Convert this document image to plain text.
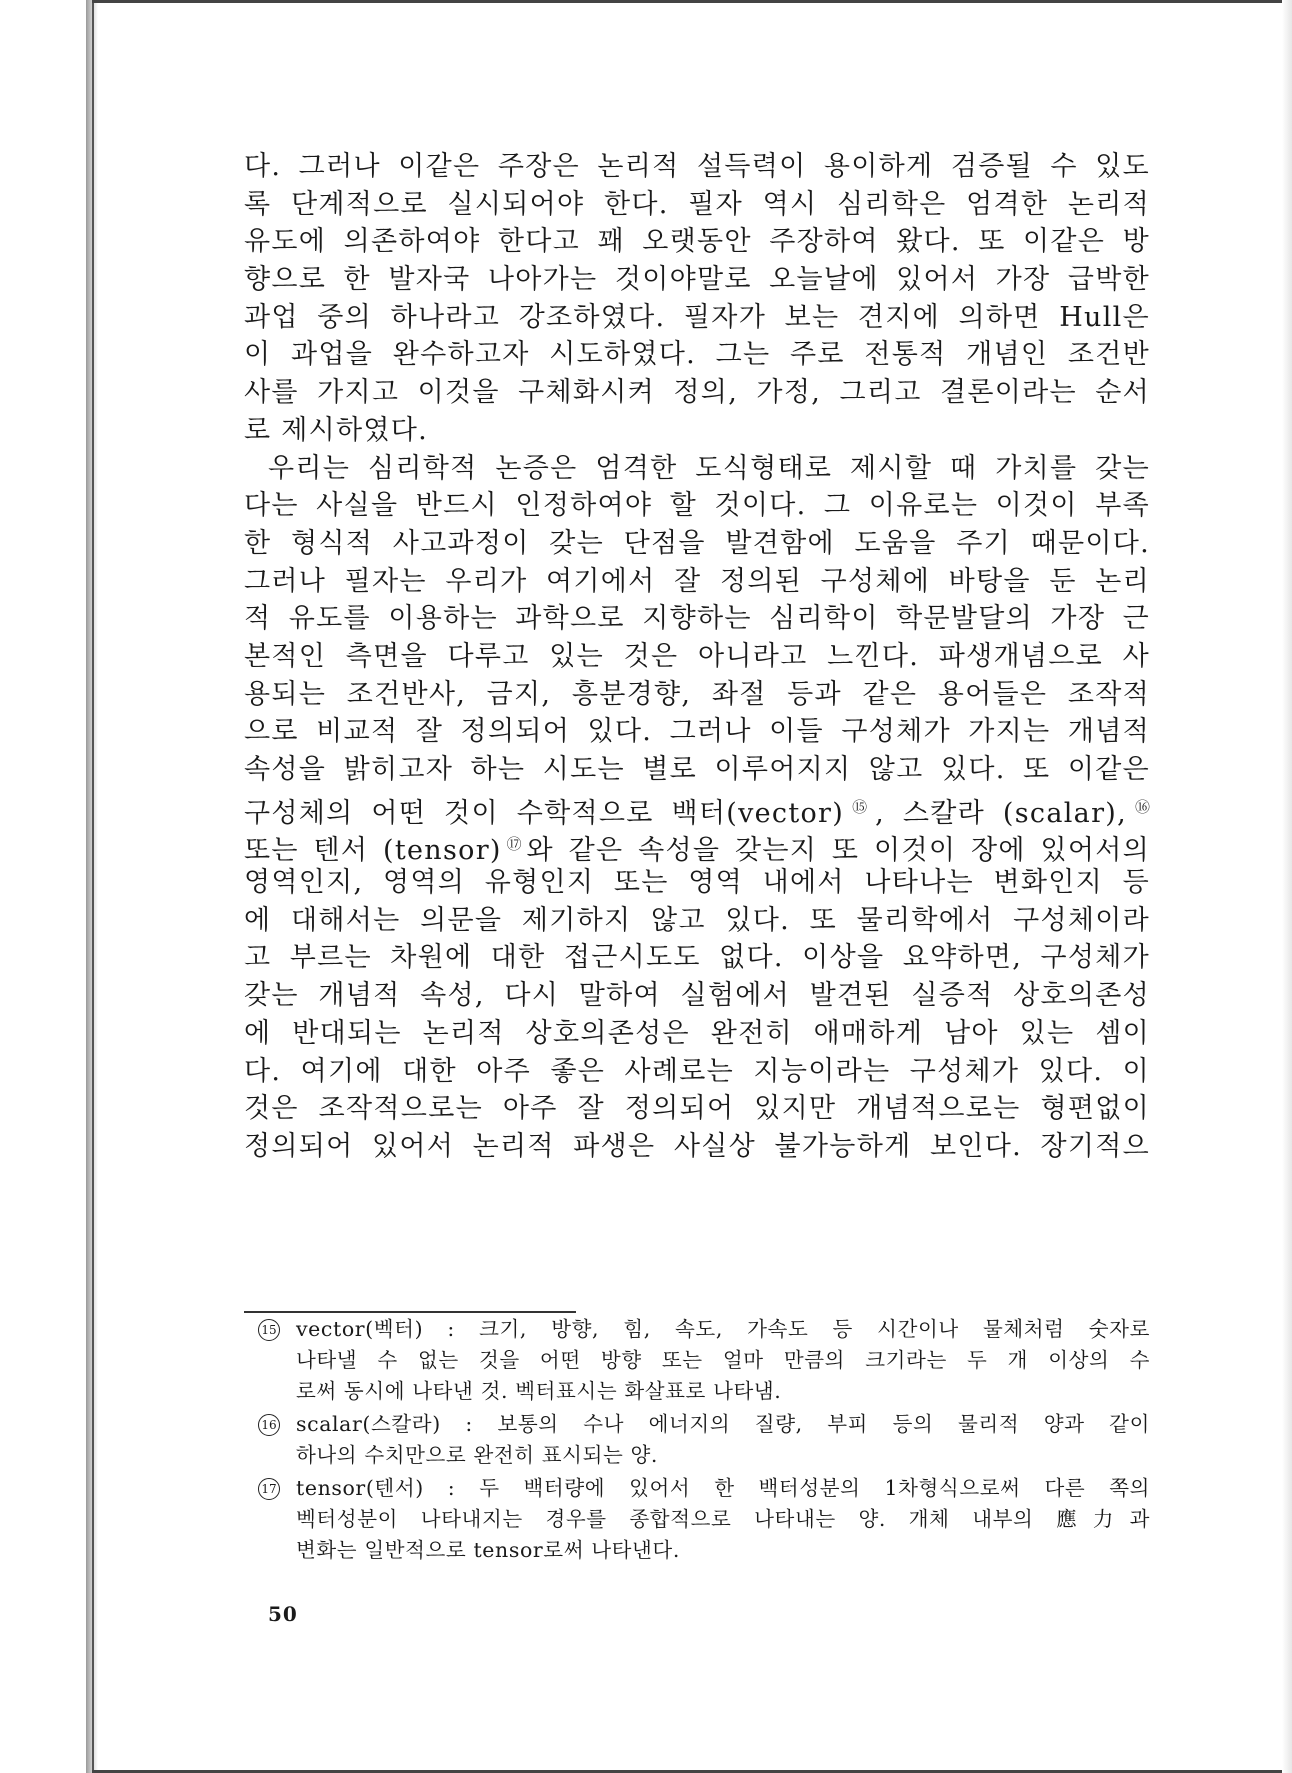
다. 그러나 이같은 주장은 논리적 설득력이 용이하게 검증될 수 있도
록 단계적으로 실시되어야 한다. 필자 역시 심리학은 엄격한 논리적
유도에 의존하여야 한다고 꽤 오랫동안 주장하여 왔다. 또 이같은 방
향으로 한 발자국 나아가는 것이야말로 오늘날에 있어서 가장 급박한
과업 중의 하나라고 강조하였다. 필자가 보는 견지에 의하면 Hull은
이 과업을 완수하고자 시도하였다. 그는 주로 전통적 개념인 조건반
사를 가지고 이것을 구체화시켜 정의, 가정, 그리고 결론이라는 순서
로 제시하였다.
우리는 심리학적 논증은 엄격한 도식형태로 제시할 때 가치를 갖는
다는 사실을 반드시 인정하여야 할 것이다. 그 이유로는 이것이 부족
한 형식적 사고과정이 갖는 단점을 발견함에 도움을 주기 때문이다.
그러나 필자는 우리가 여기에서 잘 정의된 구성체에 바탕을 둔 논리
적 유도를 이용하는 과학으로 지향하는 심리학이 학문발달의 가장 근
본적인 측면을 다루고 있는 것은 아니라고 느낀다. 파생개념으로 사
용되는 조건반사, 금지, 흥분경향, 좌절 등과 같은 용어들은 조작적
으로 비교적 잘 정의되어 있다. 그러나 이들 구성체가 가지는 개념적
속성을 밝히고자 하는 시도는 별로 이루어지지 않고 있다. 또 이같은
구성체의 어떤 것이 수학적으로 백터(vector)⑮, 스칼라 (scalar),⑯
또는 텐서 (tensor)⑰와 같은 속성을 갖는지 또 이것이 장에 있어서의
영역인지, 영역의 유형인지 또는 영역 내에서 나타나는 변화인지 등
에 대해서는 의문을 제기하지 않고 있다. 또 물리학에서 구성체이라
고 부르는 차원에 대한 접근시도도 없다. 이상을 요약하면, 구성체가
갖는 개념적 속성, 다시 말하여 실험에서 발견된 실증적 상호의존성
에 반대되는 논리적 상호의존성은 완전히 애매하게 남아 있는 셈이
다. 여기에 대한 아주 좋은 사례로는 지능이라는 구성체가 있다. 이
것은 조작적으로는 아주 잘 정의되어 있지만 개념적으로는 형편없이
정의되어 있어서 논리적 파생은 사실상 불가능하게 보인다. 장기적으
15 vector(벡터) : 크기, 방향, 힘, 속도, 가속도 등 시간이나 물체처럼 숫자로
나타낼 수 없는 것을 어떤 방향 또는 얼마 만큼의 크기라는 두 개 이상의 수
로써 동시에 나타낸 것. 벡터표시는 화살표로 나타냄.
16 scalar(스칼라) : 보통의 수나 에너지의 질량, 부피 등의 물리적 양과 같이
하나의 수치만으로 완전히 표시되는 양.
17 tensor(텐서) : 두 백터량에 있어서 한 백터성분의 1차형식으로써 다른 쪽의
벡터성분이 나타내지는 경우를 종합적으로 나타내는 양. 개체 내부의 應力과
변화는 일반적으로 tensor로써 나타낸다.
50
